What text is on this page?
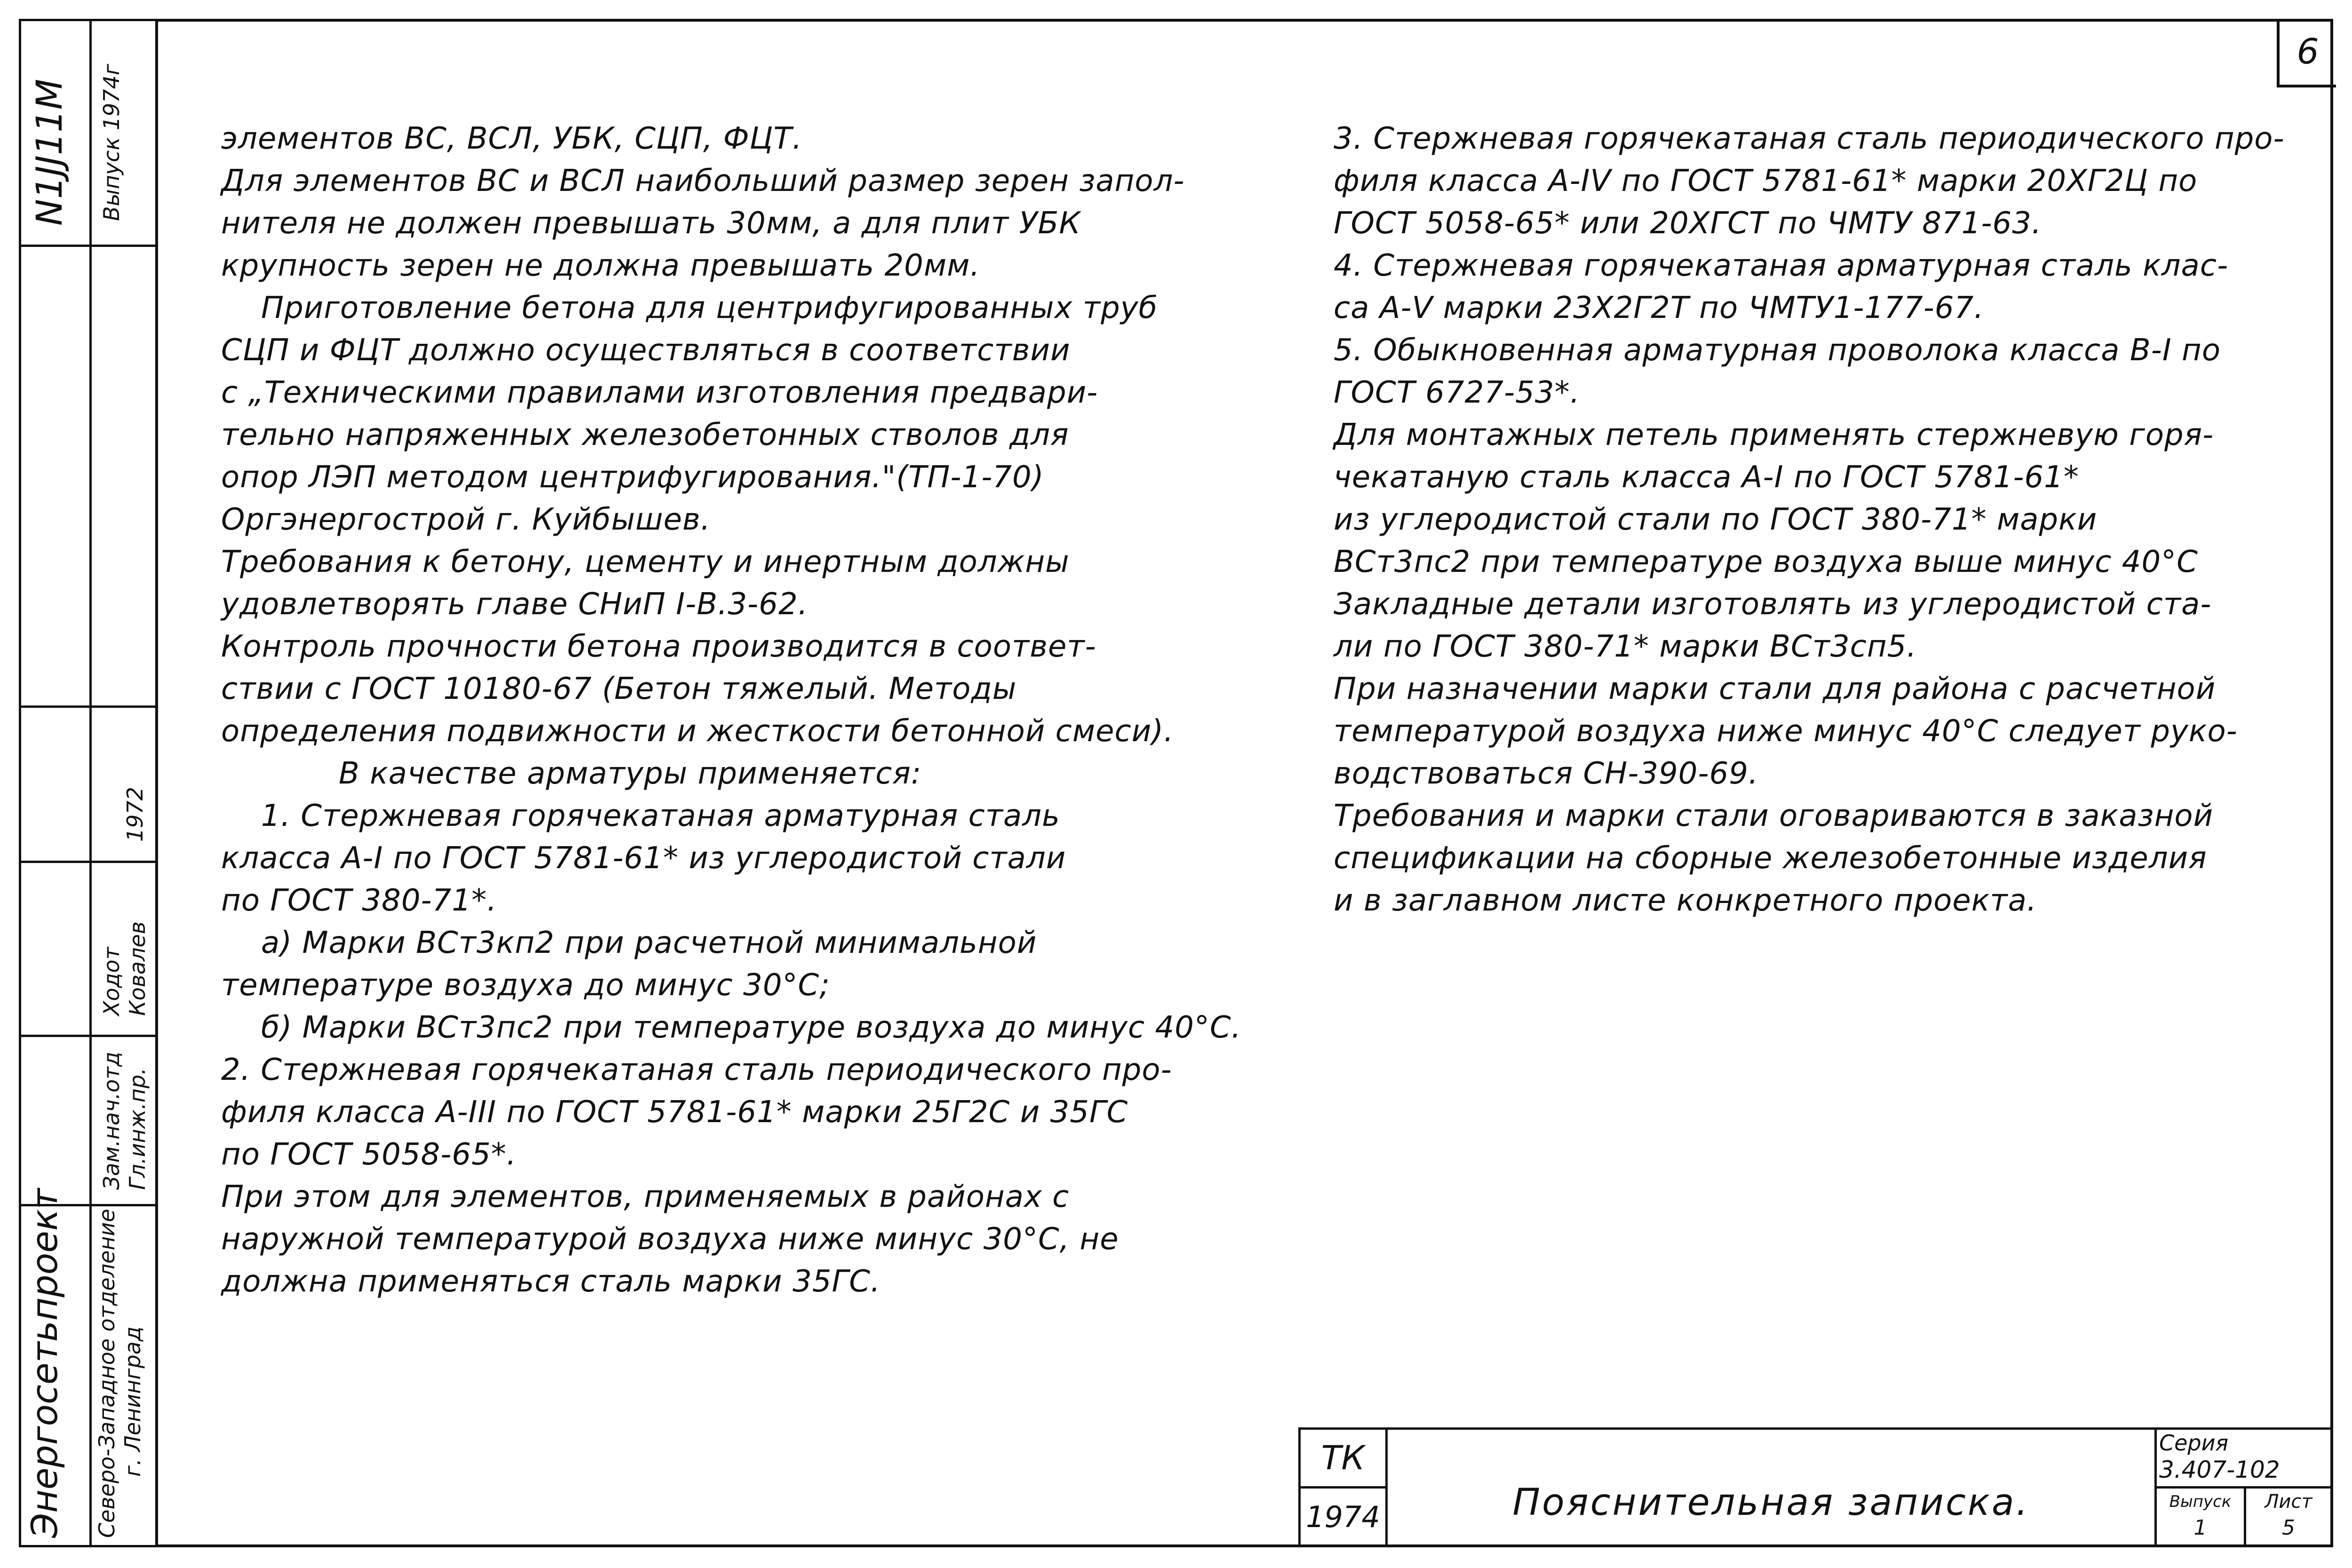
6
N1JJ11M Выпуск 1974г
1972
Ходот Ковалев
Зам.нач.отд Гл.инж.пр.
Энергосетьпроект Северо-Западное отделение г. Ленинград

элементов ВС, ВСЛ, УБК, СЦП, ФЦТ.

Для элементов ВС и ВСЛ наибольший размер зерен запол-

нителя не должен превышать 30мм, а для плит УБК

крупность зерен не должна превышать 20мм.

Приготовление бетона для центрифугированных труб

СЦП и ФЦТ должно осуществляться в соответствии

с „Техническими правилами изготовления предвари-

тельно напряженных железобетонных стволов для

опор ЛЭП методом центрифугирования."(ТП-1-70)

Оргэнергострой г. Куйбышев.

Требования к бетону, цементу и инертным должны

удовлетворять главе СНиП I-В.3-62.

Контроль прочности бетона производится в соответ-

ствии с ГОСТ 10180-67 (Бетон тяжелый. Методы

определения подвижности и жесткости бетонной смеси).

В качестве арматуры применяется:

1. Стержневая горячекатаная арматурная сталь

класса А-I по ГОСТ 5781-61* из углеродистой стали

по ГОСТ 380-71*.

а) Марки ВСт3кп2 при расчетной минимальной

температуре воздуха до минус 30°С;

б) Марки ВСт3пс2 при температуре воздуха до минус 40°С.

2. Стержневая горячекатаная сталь периодического про-

филя класса А-III по ГОСТ 5781-61* марки 25Г2С и 35ГС

по ГОСТ 5058-65*.

При этом для элементов, применяемых в районах с

наружной температурой воздуха ниже минус 30°С, не

должна применяться сталь марки 35ГС.

3. Стержневая горячекатаная сталь периодического про-

филя класса А-IV по ГОСТ 5781-61* марки 20ХГ2Ц по

ГОСТ 5058-65* или 20ХГСТ по ЧМТУ 871-63.

4. Стержневая горячекатаная арматурная сталь клас-

са А-V марки 23Х2Г2Т по ЧМТУ1-177-67.

5. Обыкновенная арматурная проволока класса В-I по

ГОСТ 6727-53*.

Для монтажных петель применять стержневую горя-

чекатаную сталь класса А-I по ГОСТ 5781-61*

из углеродистой стали по ГОСТ 380-71* марки

ВСт3пс2 при температуре воздуха выше минус 40°С

Закладные детали изготовлять из углеродистой ста-

ли по ГОСТ 380-71* марки ВСт3сп5.

При назначении марки стали для района с расчетной

температурой воздуха ниже минус 40°С следует руко-

водствоваться СН-390-69.

Требования и марки стали оговариваются в заказной

спецификации на сборные железобетонные изделия

и в заглавном листе конкретного проекта.

ТК
1974	Пояснительная записка.
Серия
3.407-102
Выпуск
1
Лист
5
